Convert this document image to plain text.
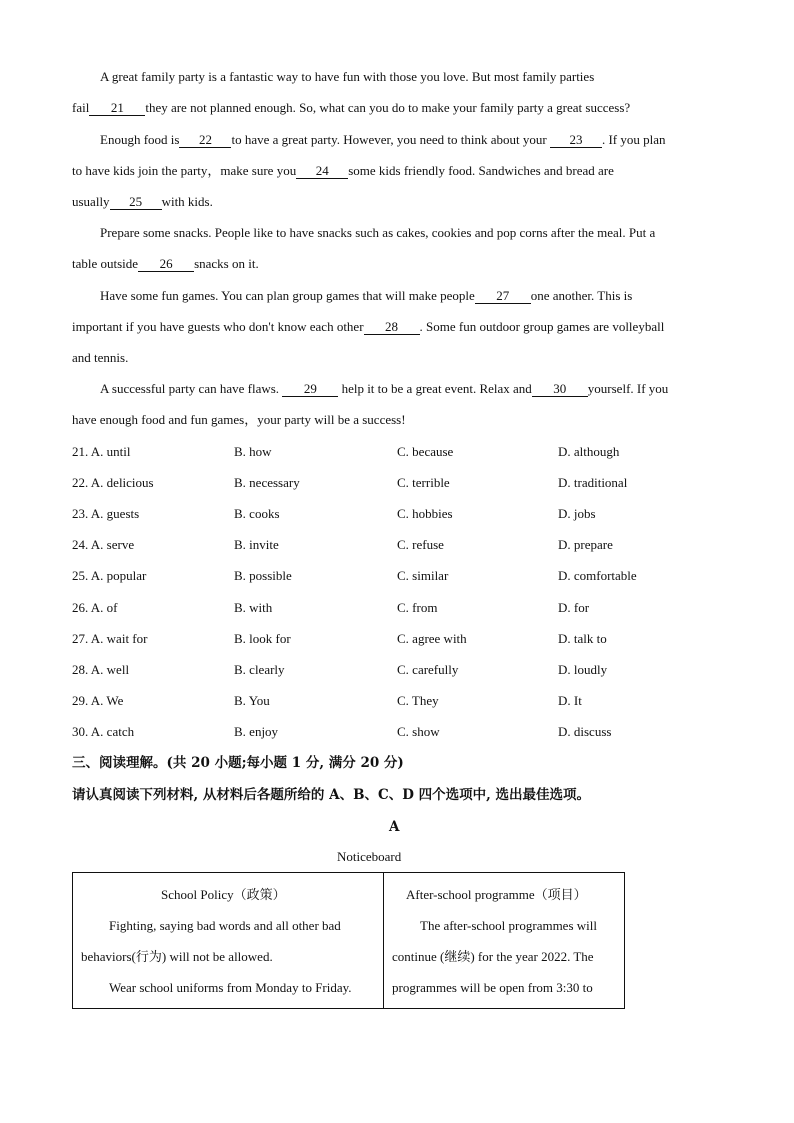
A great family party is a fantastic way to have fun with those you love. But most family parties
fail 21 they are not planned enough. So, what can you do to make your family party a great success?
Enough food is 22 to have a great party. However, you need to think about your 23 . If you plan
to have kids join the party，make sure you 24 some kids friendly food. Sandwiches and bread are
usually 25 with kids.
Prepare some snacks. People like to have snacks such as cakes, cookies and pop corns after the meal. Put a
table outside 26 snacks on it.
Have some fun games. You can plan group games that will make people 27 one another. This is
important if you have guests who don't know each other 28 . Some fun outdoor group games are volleyball
and tennis.
A successful party can have flaws. 29 help it to be a great event. Relax and 30 yourself. If you
have enough food and fun games，your party will be a success!
21. A. until	B. how	C. because	D. although
22. A. delicious	B. necessary	C. terrible	D. traditional
23. A. guests	B. cooks	C. hobbies	D. jobs
24. A. serve	B. invite	C. refuse	D. prepare
25. A. popular	B. possible	C. similar	D. comfortable
26. A. of	B. with	C. from	D. for
27. A. wait for	B. look for	C. agree with	D. talk to
28. A. well	B. clearly	C. carefully	D. loudly
29. A. We	B. You	C. They	D. It
30. A. catch	B. enjoy	C. show	D. discuss
三、阅读理解。(共 20 小题;每小题 1 分, 满分 20 分)
请认真阅读下列材料, 从材料后各题所给的 A、B、C、D 四个选项中, 选出最佳选项。
A
Noticeboard
School Policy（政策）
Fighting, saying bad words and all other bad
behaviors(行为) will not be allowed.
Wear school uniforms from Monday to Friday.

After-school programme（项目）
The after-school programmes will
continue (继续) for the year 2022. The
programmes will be open from 3:30 to
